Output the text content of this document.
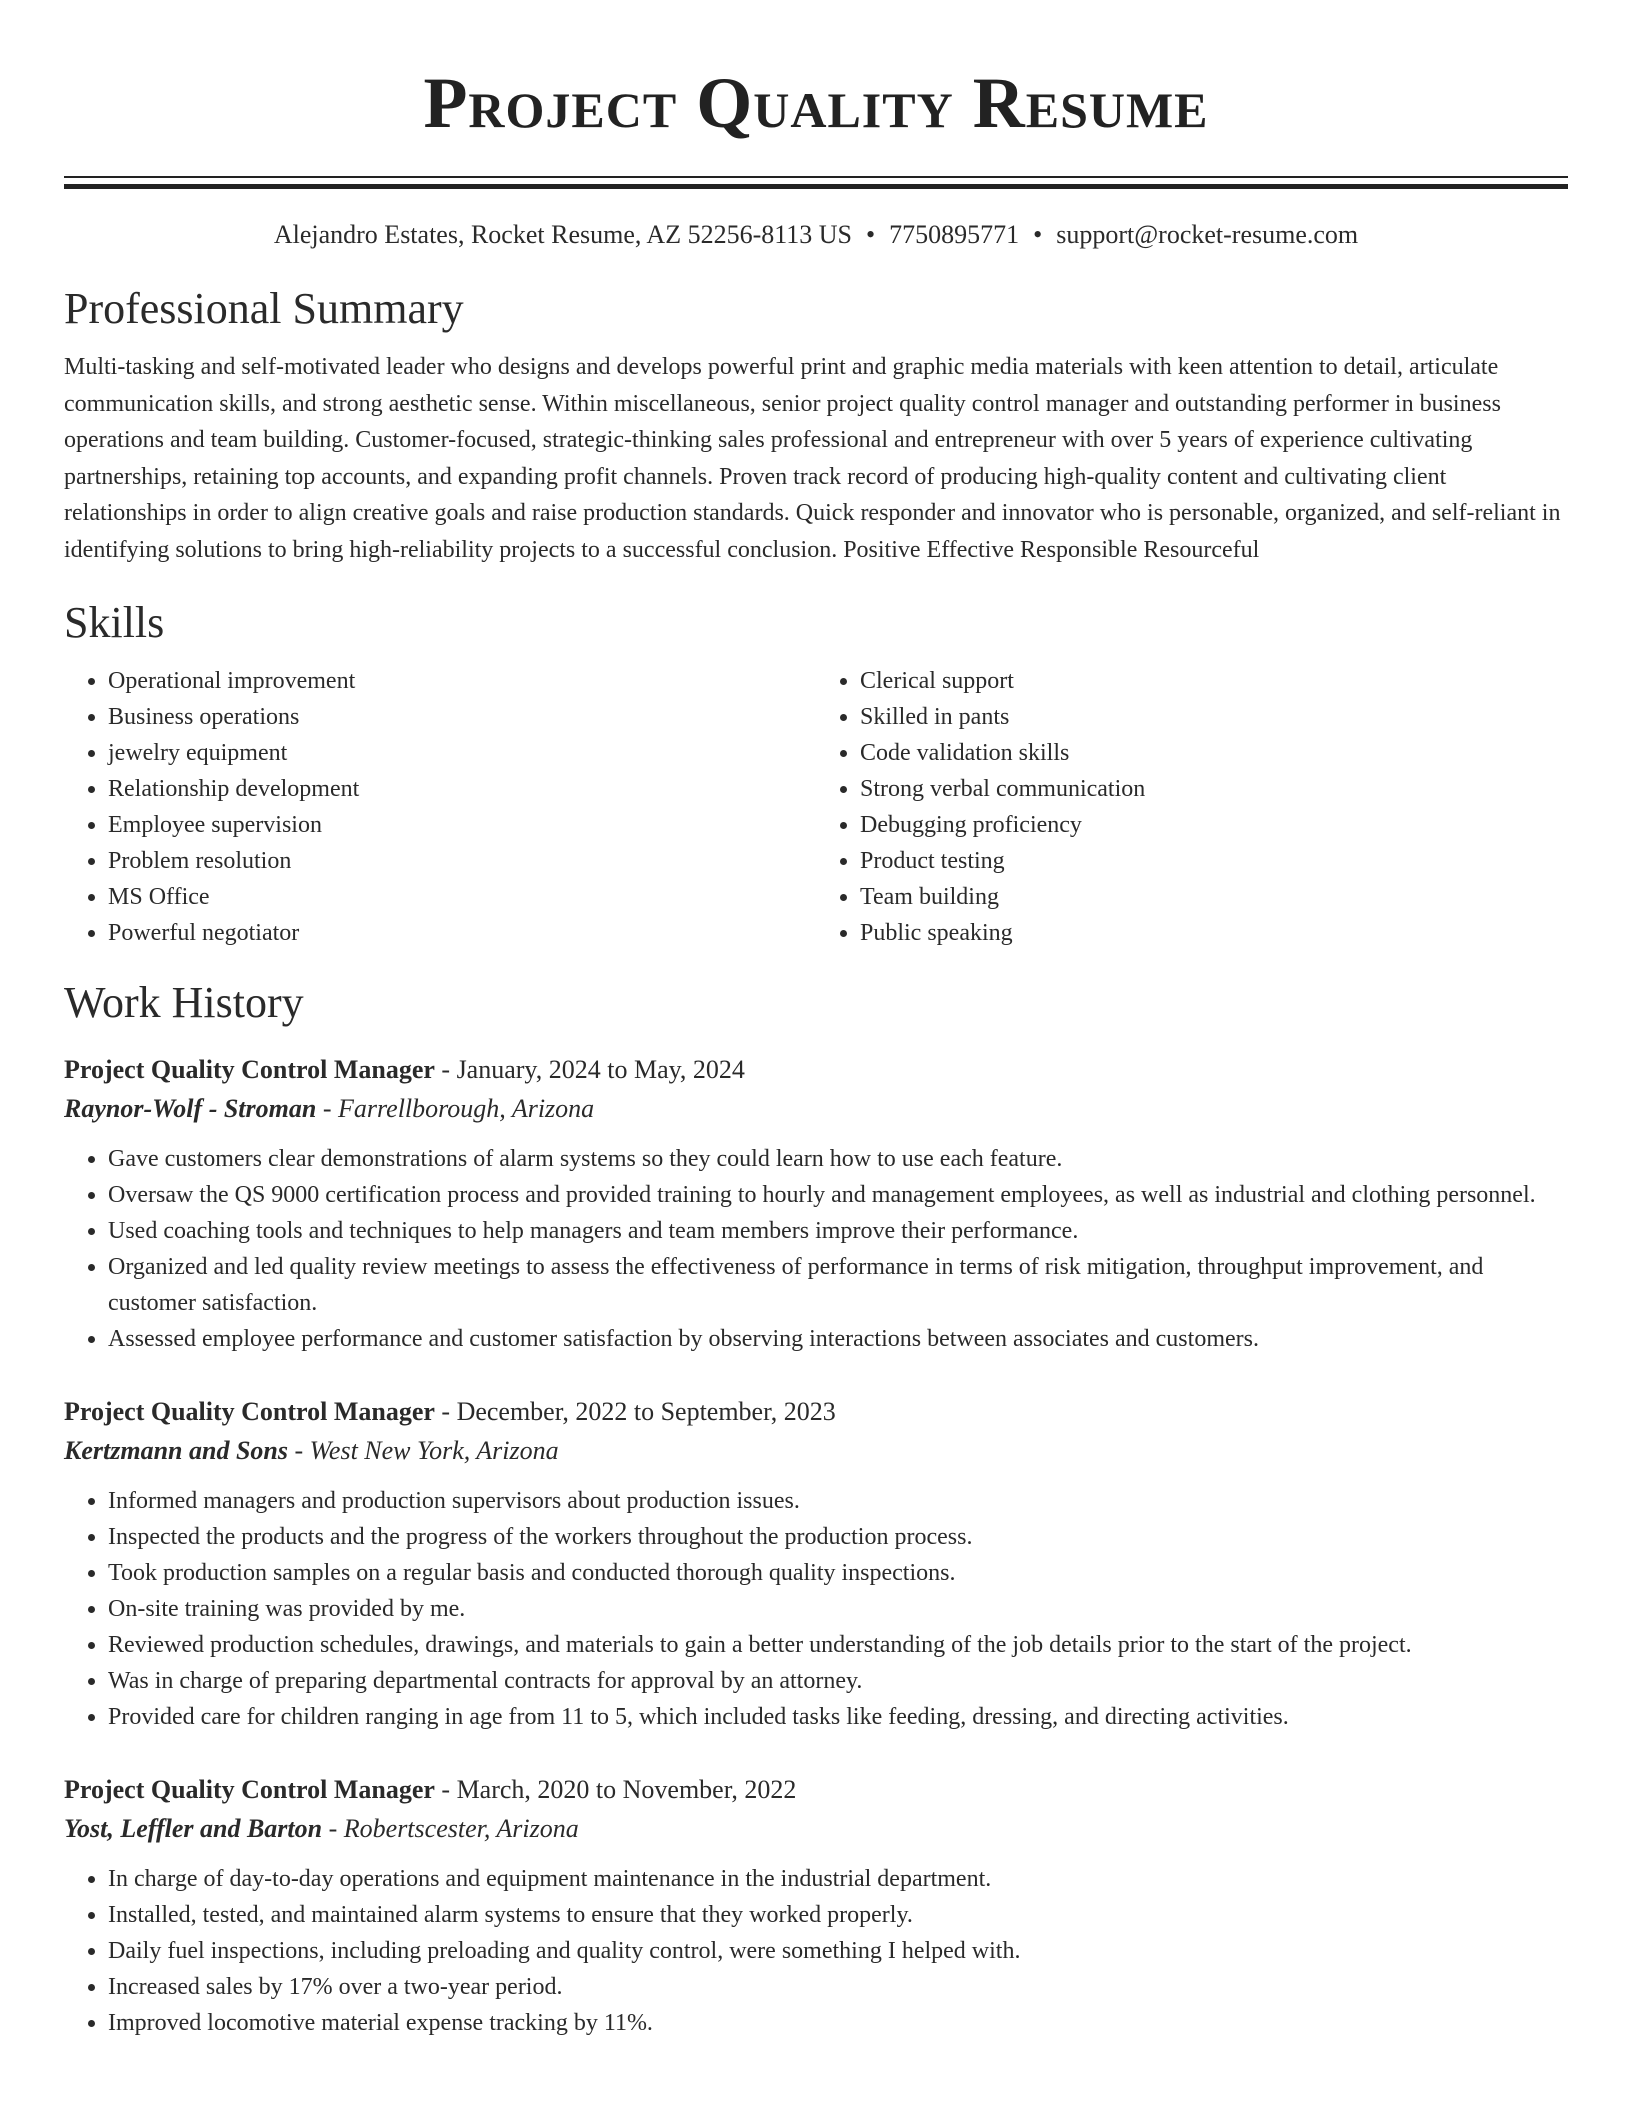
Project Quality Resume
Alejandro Estates, Rocket Resume, AZ 52256-8113 US • 7750895771 • support@rocket-resume.com
Professional Summary
Multi-tasking and self-motivated leader who designs and develops powerful print and graphic media materials with keen attention to detail, articulate communication skills, and strong aesthetic sense. Within miscellaneous, senior project quality control manager and outstanding performer in business operations and team building. Customer-focused, strategic-thinking sales professional and entrepreneur with over 5 years of experience cultivating partnerships, retaining top accounts, and expanding profit channels. Proven track record of producing high-quality content and cultivating client relationships in order to align creative goals and raise production standards. Quick responder and innovator who is personable, organized, and self-reliant in identifying solutions to bring high-reliability projects to a successful conclusion. Positive Effective Responsible Resourceful
Skills
• Operational improvement
• Business operations
• jewelry equipment
• Relationship development
• Employee supervision
• Problem resolution
• MS Office
• Powerful negotiator
• Clerical support
• Skilled in pants
• Code validation skills
• Strong verbal communication
• Debugging proficiency
• Product testing
• Team building
• Public speaking
Work History
Project Quality Control Manager - January, 2024 to May, 2024
Raynor-Wolf - Stroman - Farrellborough, Arizona
• Gave customers clear demonstrations of alarm systems so they could learn how to use each feature.
• Oversaw the QS 9000 certification process and provided training to hourly and management employees, as well as industrial and clothing personnel.
• Used coaching tools and techniques to help managers and team members improve their performance.
• Organized and led quality review meetings to assess the effectiveness of performance in terms of risk mitigation, throughput improvement, and customer satisfaction.
• Assessed employee performance and customer satisfaction by observing interactions between associates and customers.
Project Quality Control Manager - December, 2022 to September, 2023
Kertzmann and Sons - West New York, Arizona
• Informed managers and production supervisors about production issues.
• Inspected the products and the progress of the workers throughout the production process.
• Took production samples on a regular basis and conducted thorough quality inspections.
• On-site training was provided by me.
• Reviewed production schedules, drawings, and materials to gain a better understanding of the job details prior to the start of the project.
• Was in charge of preparing departmental contracts for approval by an attorney.
• Provided care for children ranging in age from 11 to 5, which included tasks like feeding, dressing, and directing activities.
Project Quality Control Manager - March, 2020 to November, 2022
Yost, Leffler and Barton - Robertscester, Arizona
• In charge of day-to-day operations and equipment maintenance in the industrial department.
• Installed, tested, and maintained alarm systems to ensure that they worked properly.
• Daily fuel inspections, including preloading and quality control, were something I helped with.
• Increased sales by 17% over a two-year period.
• Improved locomotive material expense tracking by 11%.
